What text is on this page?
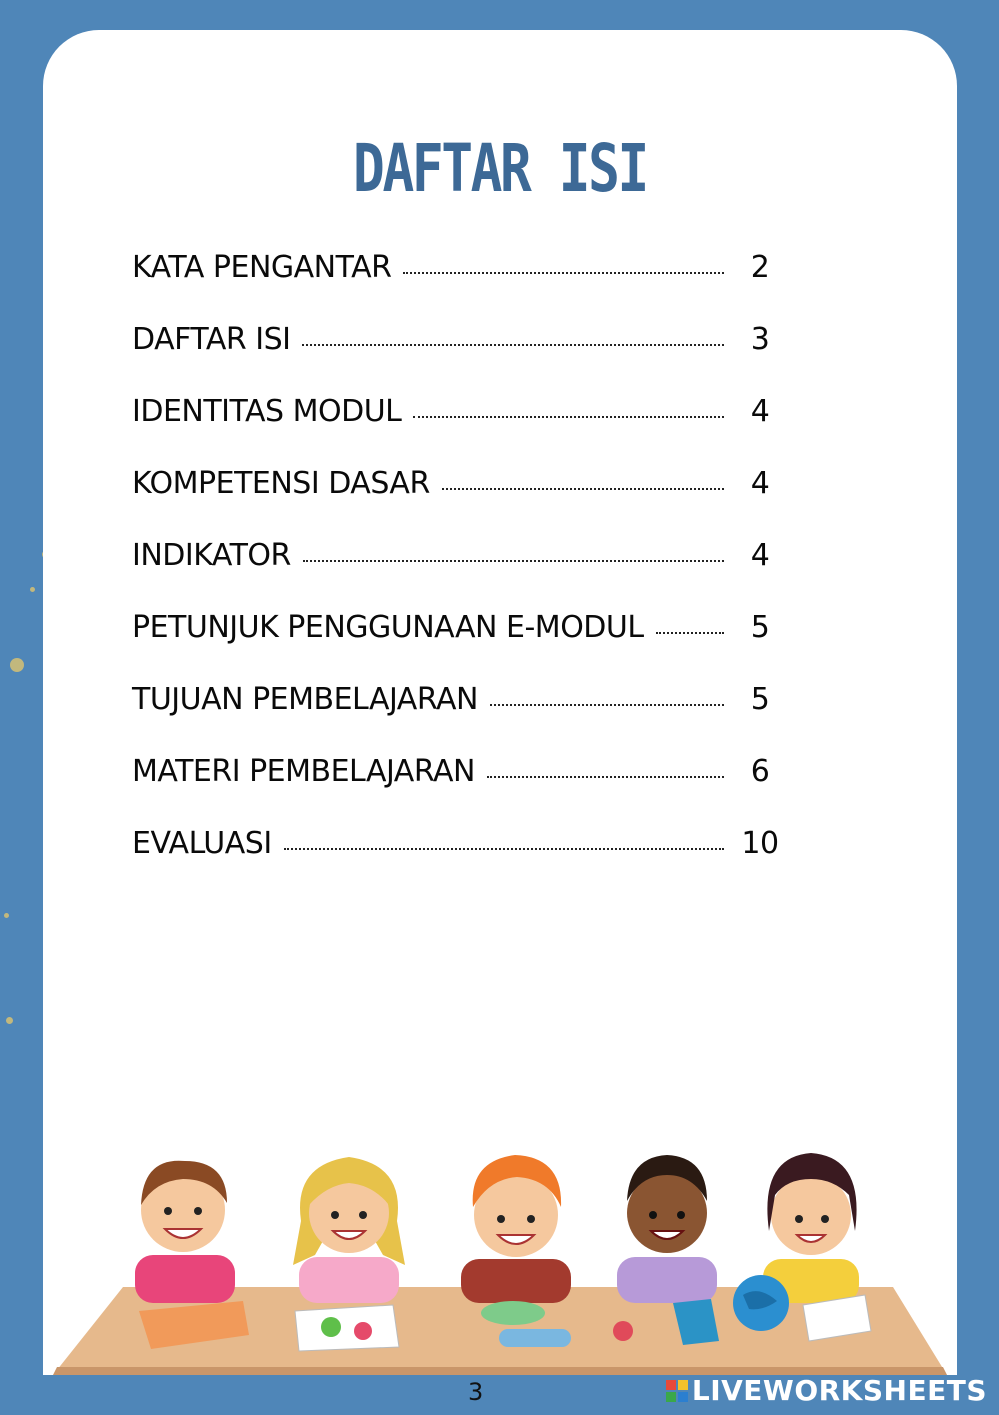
DAFTAR ISI
KATA PENGANTAR	2
DAFTAR ISI	3
IDENTITAS MODUL	4
KOMPETENSI DASAR	4
INDIKATOR	4
PETUNJUK PENGGUNAAN E-MODUL	5
TUJUAN PEMBELAJARAN	5
MATERI PEMBELAJARAN	6
EVALUASI	10
3	LIVEWORKSHEETS
